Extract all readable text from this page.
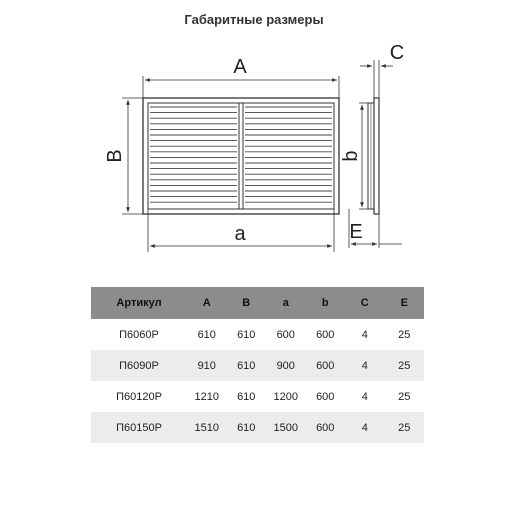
Габаритные размеры
A
B
a
C
b
E
Артикул	A	B	a	b	C	E
П6060Р	610	610	600	600	4	25
П6090Р	910	610	900	600	4	25
П60120Р	1210	610	1200	600	4	25
П60150Р	1510	610	1500	600	4	25
